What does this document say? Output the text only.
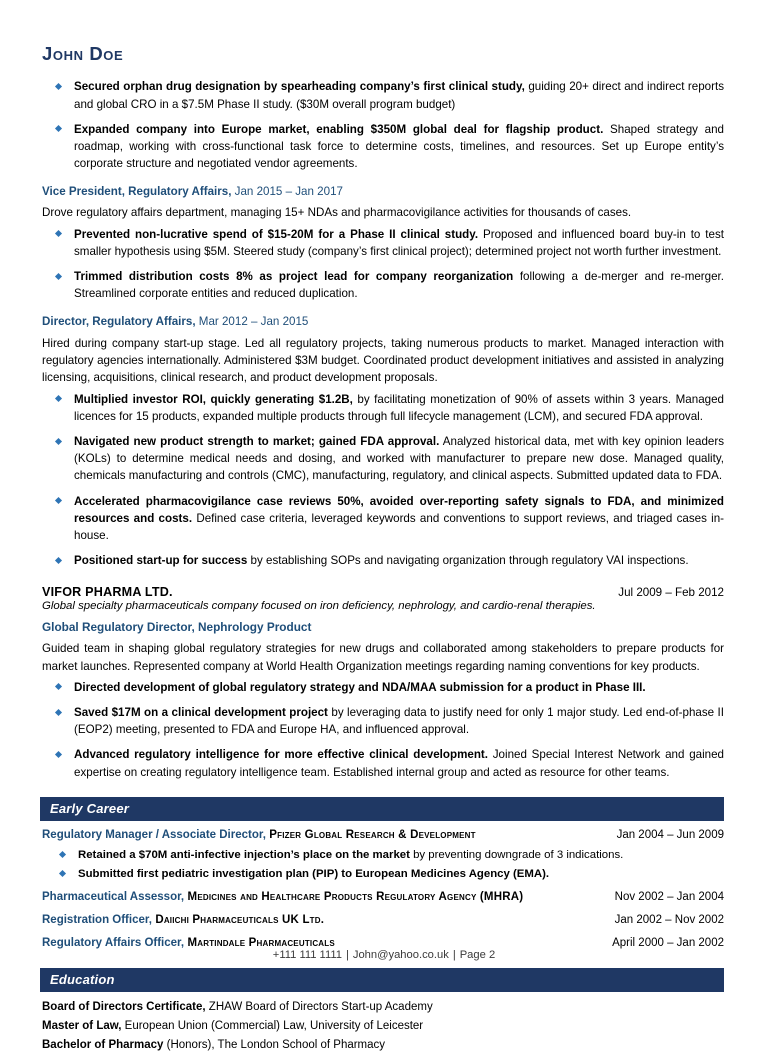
John Doe
Secured orphan drug designation by spearheading company’s first clinical study, guiding 20+ direct and indirect reports and global CRO in a $7.5M Phase II study. ($30M overall program budget)
Expanded company into Europe market, enabling $350M global deal for flagship product. Shaped strategy and roadmap, working with cross-functional task force to determine costs, timelines, and resources. Set up Europe entity’s corporate structure and negotiated vendor agreements.
Vice President, Regulatory Affairs, Jan 2015 – Jan 2017

Drove regulatory affairs department, managing 15+ NDAs and pharmacovigilance activities for thousands of cases.

Prevented non-lucrative spend of $15-20M for a Phase II clinical study. Proposed and influenced board buy-in to test smaller hypothesis using $5M. Steered study (company’s first clinical project); determined project not worth further investment.
Trimmed distribution costs 8% as project lead for company reorganization following a de-merger and re-merger. Streamlined corporate entities and reduced duplication.
Director, Regulatory Affairs, Mar 2012 – Jan 2015

Hired during company start-up stage. Led all regulatory projects, taking numerous products to market. Managed interaction with regulatory agencies internationally. Administered $3M budget. Coordinated product development initiatives and assisted in analyzing licensing, acquisitions, clinical research, and product development proposals.

Multiplied investor ROI, quickly generating $1.2B, by facilitating monetization of 90% of assets within 3 years. Managed licences for 15 products, expanded multiple products through full lifecycle management (LCM), and secured FDA approval.
Navigated new product strength to market; gained FDA approval. Analyzed historical data, met with key opinion leaders (KOLs) to determine medical needs and dosing, and worked with manufacturer to prepare new dose. Managed quality, chemicals manufacturing and controls (CMC), manufacturing, regulatory, and clinical aspects. Submitted updated data to FDA.
Accelerated pharmacovigilance case reviews 50%, avoided over-reporting safety signals to FDA, and minimized resources and costs. Defined case criteria, leveraged keywords and conventions to support reviews, and triaged cases in-house.
Positioned start-up for success by establishing SOPs and navigating organization through regulatory VAI inspections.
VIFOR PHARMA LTD.	Jul 2009 – Feb 2012
Global specialty pharmaceuticals company focused on iron deficiency, nephrology, and cardio-renal therapies.
Global Regulatory Director, Nephrology Product

Guided team in shaping global regulatory strategies for new drugs and collaborated among stakeholders to prepare products for market launches. Represented company at World Health Organization meetings regarding naming conventions for key products.

Directed development of global regulatory strategy and NDA/MAA submission for a product in Phase III.
Saved $17M on a clinical development project by leveraging data to justify need for only 1 major study. Led end-of-phase II (EOP2) meeting, presented to FDA and Europe HA, and influenced approval.
Advanced regulatory intelligence for more effective clinical development. Joined Special Interest Network and gained expertise on creating regulatory intelligence team. Established internal group and acted as resource for other teams.
Early Career
Regulatory Manager / Associate Director, Pfizer Global Research & Development	Jan 2004 – Jun 2009
Retained a $70M anti-infective injection’s place on the market by preventing downgrade of 3 indications.
Submitted first pediatric investigation plan (PIP) to European Medicines Agency (EMA).
Pharmaceutical Assessor, Medicines and Healthcare Products Regulatory Agency (MHRA)	Nov 2002 – Jan 2004
Registration Officer, Daiichi Pharmaceuticals UK Ltd.	Jan 2002 – Nov 2002
Regulatory Affairs Officer, Martindale Pharmaceuticals	April 2000 – Jan 2002
Education
Board of Directors Certificate, ZHAW Board of Directors Start-up Academy
Master of Law, European Union (Commercial) Law, University of Leicester
Bachelor of Pharmacy (Honors), The London School of Pharmacy
+111 111 1111 | John@yahoo.co.uk | Page 2
